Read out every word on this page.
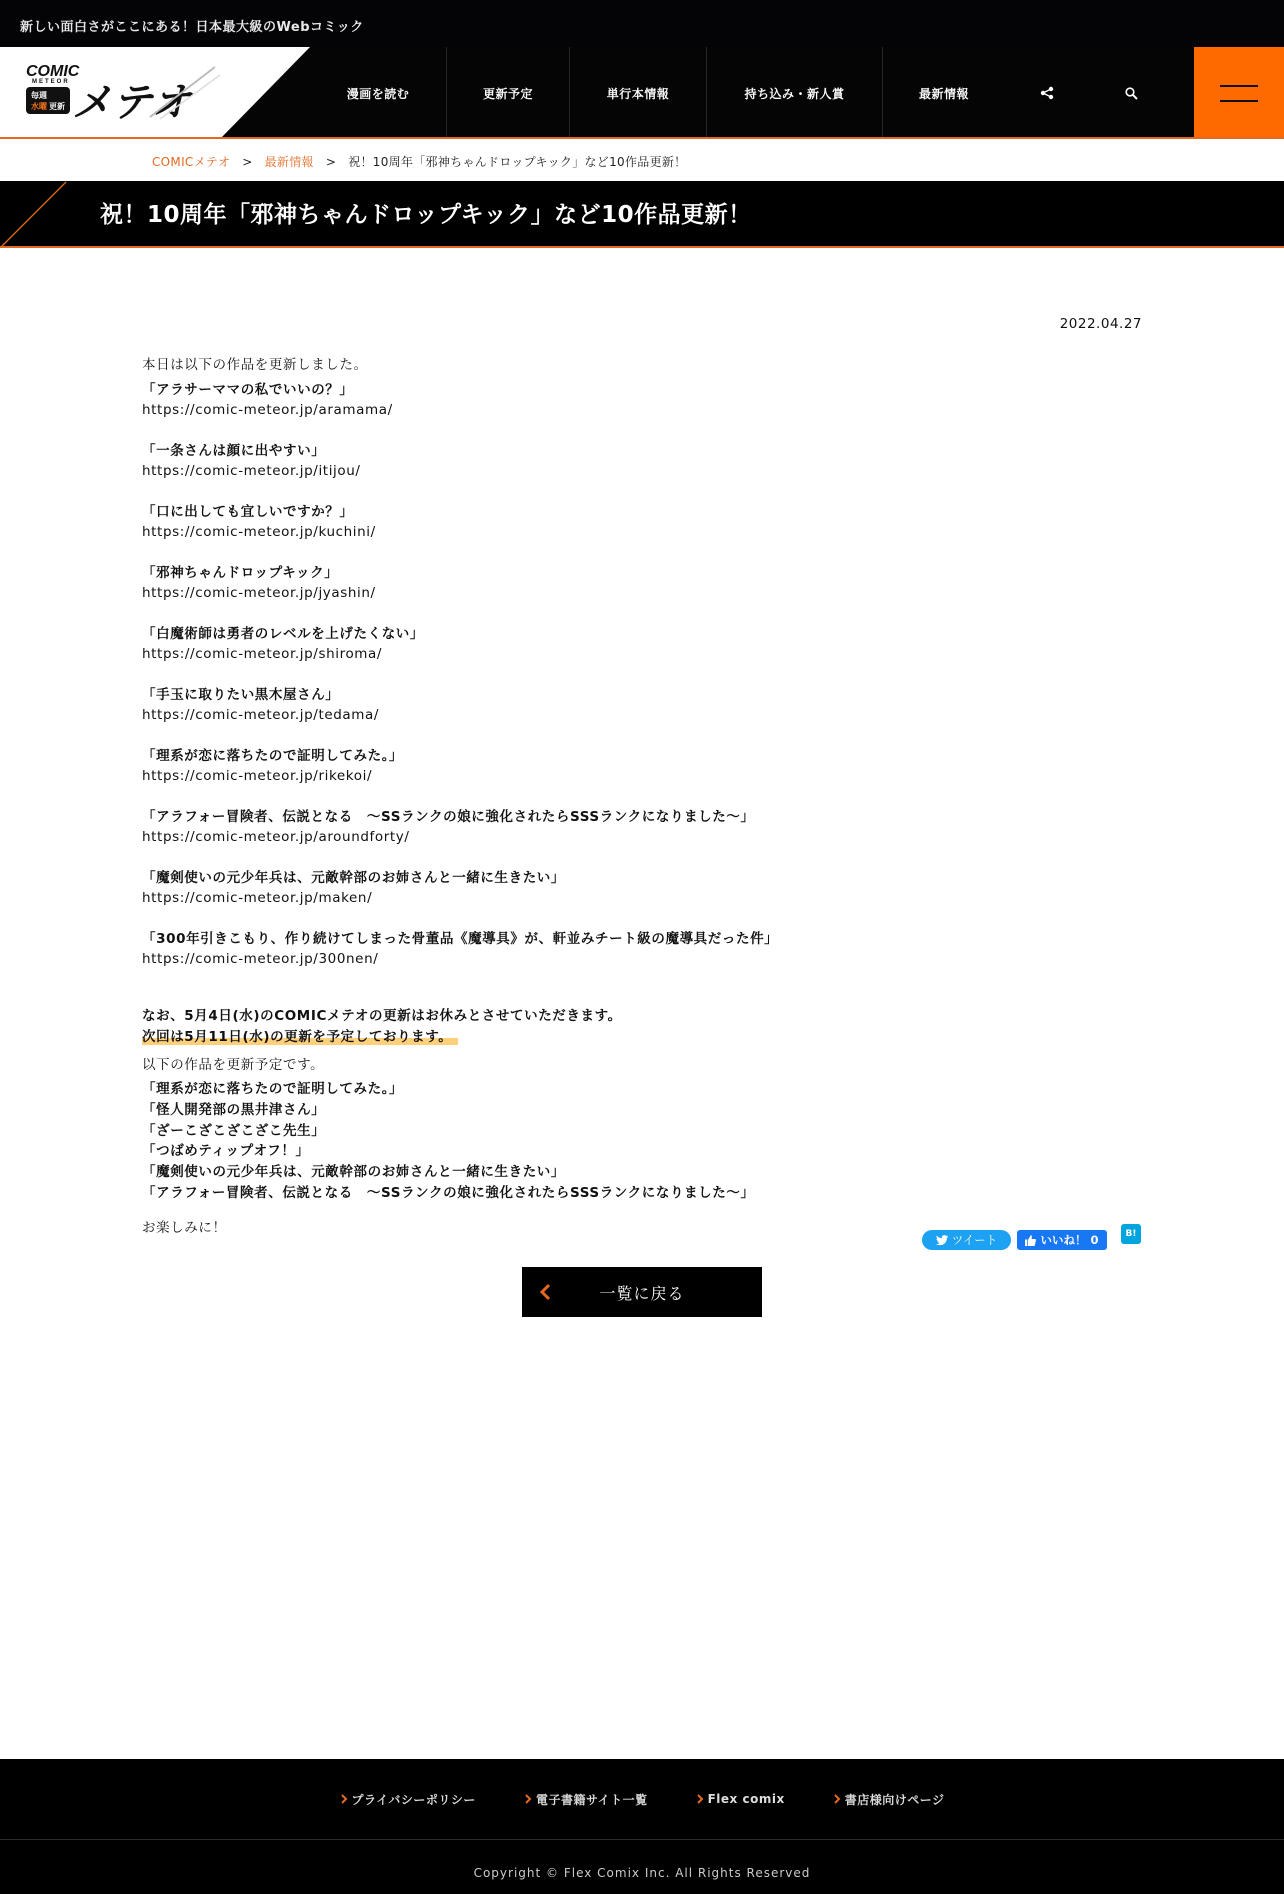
新しい面白さがここにある！日本最大級のWebコミック
COMIC
METEOR
毎週
水曜 更新 メテオ	漫画を読む	更新予定	単行本情報	持ち込み・新人賞	最新情報
COMICメテオ > 最新情報 > 祝！10周年「邪神ちゃんドロップキック」など10作品更新！
祝！10周年「邪神ちゃんドロップキック」など10作品更新！
2022.04.27
本日は以下の作品を更新しました。
「アラサーママの私でいいの？」
https://comic-meteor.jp/aramama/
「一条さんは顔に出やすい」
https://comic-meteor.jp/itijou/
「口に出しても宜しいですか？」
https://comic-meteor.jp/kuchini/
「邪神ちゃんドロップキック」
https://comic-meteor.jp/jyashin/
「白魔術師は勇者のレベルを上げたくない」
https://comic-meteor.jp/shiroma/
「手玉に取りたい黒木屋さん」
https://comic-meteor.jp/tedama/
「理系が恋に落ちたので証明してみた。」
https://comic-meteor.jp/rikekoi/
「アラフォー冒険者、伝説となる　～SSランクの娘に強化されたらSSSランクになりました～」
https://comic-meteor.jp/aroundforty/
「魔剣使いの元少年兵は、元敵幹部のお姉さんと一緒に生きたい」
https://comic-meteor.jp/maken/
「300年引きこもり、作り続けてしまった骨董品《魔導具》が、軒並みチート級の魔導具だった件」
https://comic-meteor.jp/300nen/
なお、5月4日(水)のCOMICメテオの更新はお休みとさせていただきます。
次回は5月11日(水)の更新を予定しております。
以下の作品を更新予定です。
「理系が恋に落ちたので証明してみた。」
「怪人開発部の黒井津さん」
「ざーこざこざこざこ先生」
「つばめティップオフ！」
「魔剣使いの元少年兵は、元敵幹部のお姉さんと一緒に生きたい」
「アラフォー冒険者、伝説となる　～SSランクの娘に強化されたらSSSランクになりました～」
お楽しみに！
ツイート	いいね！ 0	B!
一覧に戻る
プライバシーポリシー	電子書籍サイト一覧	Flex comix	書店様向けページ
Copyright © Flex Comix Inc. All Rights Reserved
